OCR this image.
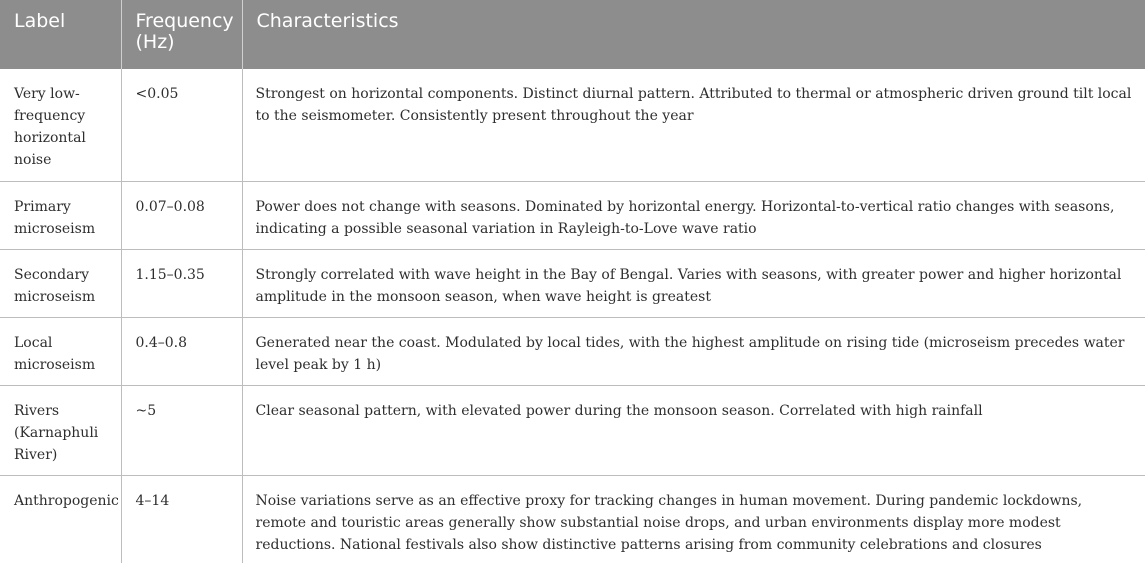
Label	Frequency (Hz)	Characteristics
Very low-frequency horizontal noise	<0.05	Strongest on horizontal components. Distinct diurnal pattern. Attributed to thermal or atmospheric driven ground tilt local to the seismometer. Consistently present throughout the year
Primary microseism	0.07–0.08	Power does not change with seasons. Dominated by horizontal energy. Horizontal-to-vertical ratio changes with seasons, indicating a possible seasonal variation in Rayleigh-to-Love wave ratio
Secondary microseism	1.15–0.35	Strongly correlated with wave height in the Bay of Bengal. Varies with seasons, with greater power and higher horizontal amplitude in the monsoon season, when wave height is greatest
Local microseism	0.4–0.8	Generated near the coast. Modulated by local tides, with the highest amplitude on rising tide (microseism precedes water level peak by 1 h)
Rivers (Karnaphuli River)	~5	Clear seasonal pattern, with elevated power during the monsoon season. Correlated with high rainfall
Anthropogenic	4–14	Noise variations serve as an effective proxy for tracking changes in human movement. During pandemic lockdowns, remote and touristic areas generally show substantial noise drops, and urban environments display more modest reductions. National festivals also show distinctive patterns arising from community celebrations and closures
